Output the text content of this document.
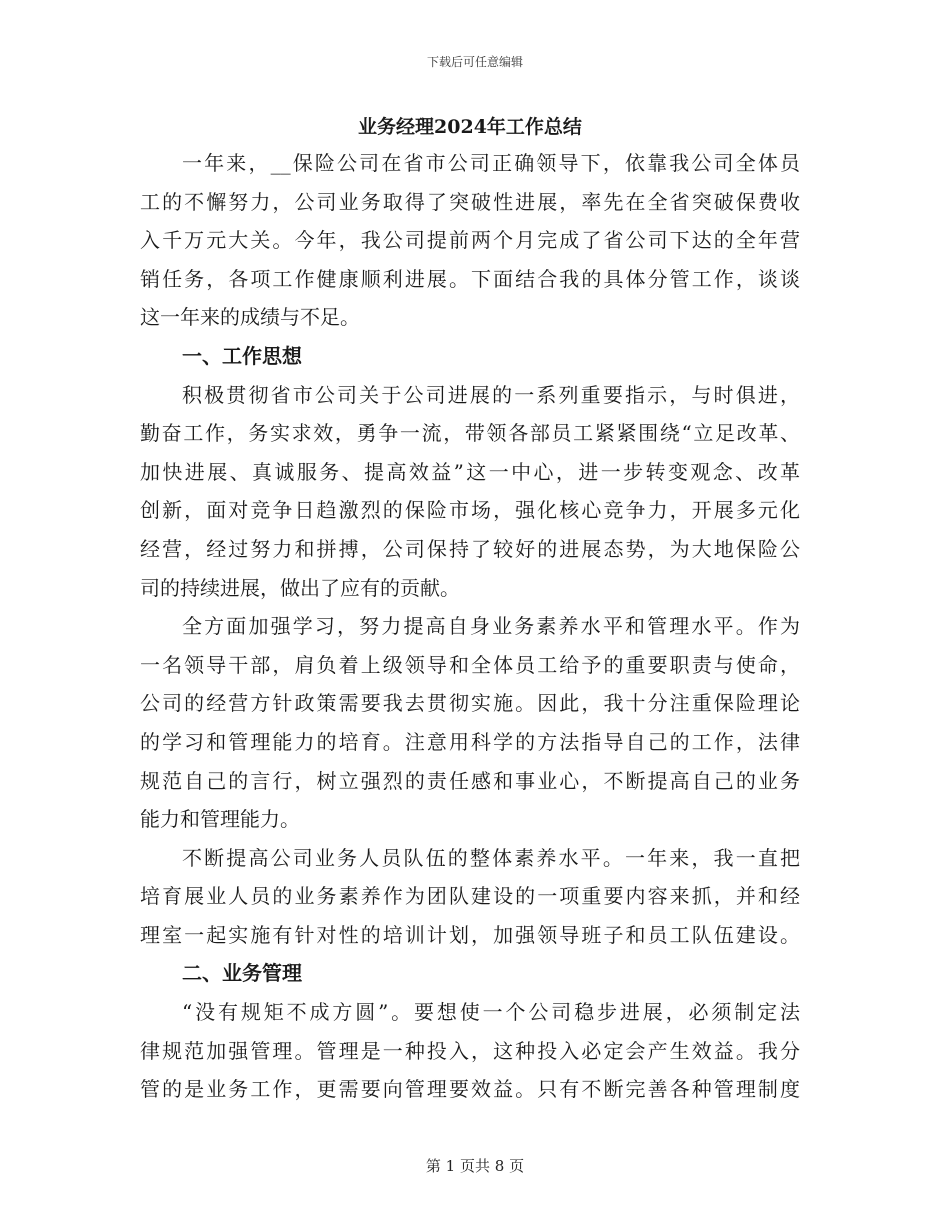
下载后可任意编辑
业务经理2024年工作总结
一年来，__保险公司在省市公司正确领导下，依靠我公司全体员
工的不懈努力，公司业务取得了突破性进展，率先在全省突破保费收
入千万元大关。今年，我公司提前两个月完成了省公司下达的全年营
销任务，各项工作健康顺利进展。下面结合我的具体分管工作，谈谈
这一年来的成绩与不足。
一、工作思想
积极贯彻省市公司关于公司进展的一系列重要指示，与时俱进，
勤奋工作，务实求效，勇争一流，带领各部员工紧紧围绕“立足改革、
加快进展、真诚服务、提高效益”这一中心，进一步转变观念、改革
创新，面对竞争日趋激烈的保险市场，强化核心竞争力，开展多元化
经营，经过努力和拼搏，公司保持了较好的进展态势，为大地保险公
司的持续进展，做出了应有的贡献。
全方面加强学习，努力提高自身业务素养水平和管理水平。作为
一名领导干部，肩负着上级领导和全体员工给予的重要职责与使命，
公司的经营方针政策需要我去贯彻实施。因此，我十分注重保险理论
的学习和管理能力的培育。注意用科学的方法指导自己的工作，法律
规范自己的言行，树立强烈的责任感和事业心，不断提高自己的业务
能力和管理能力。
不断提高公司业务人员队伍的整体素养水平。一年来，我一直把
培育展业人员的业务素养作为团队建设的一项重要内容来抓，并和经
理室一起实施有针对性的培训计划，加强领导班子和员工队伍建设。
二、业务管理
“没有规矩不成方圆”。要想使一个公司稳步进展，必须制定法
律规范加强管理。管理是一种投入，这种投入必定会产生效益。我分
管的是业务工作，更需要向管理要效益。只有不断完善各种管理制度
第 1 页共 8 页
